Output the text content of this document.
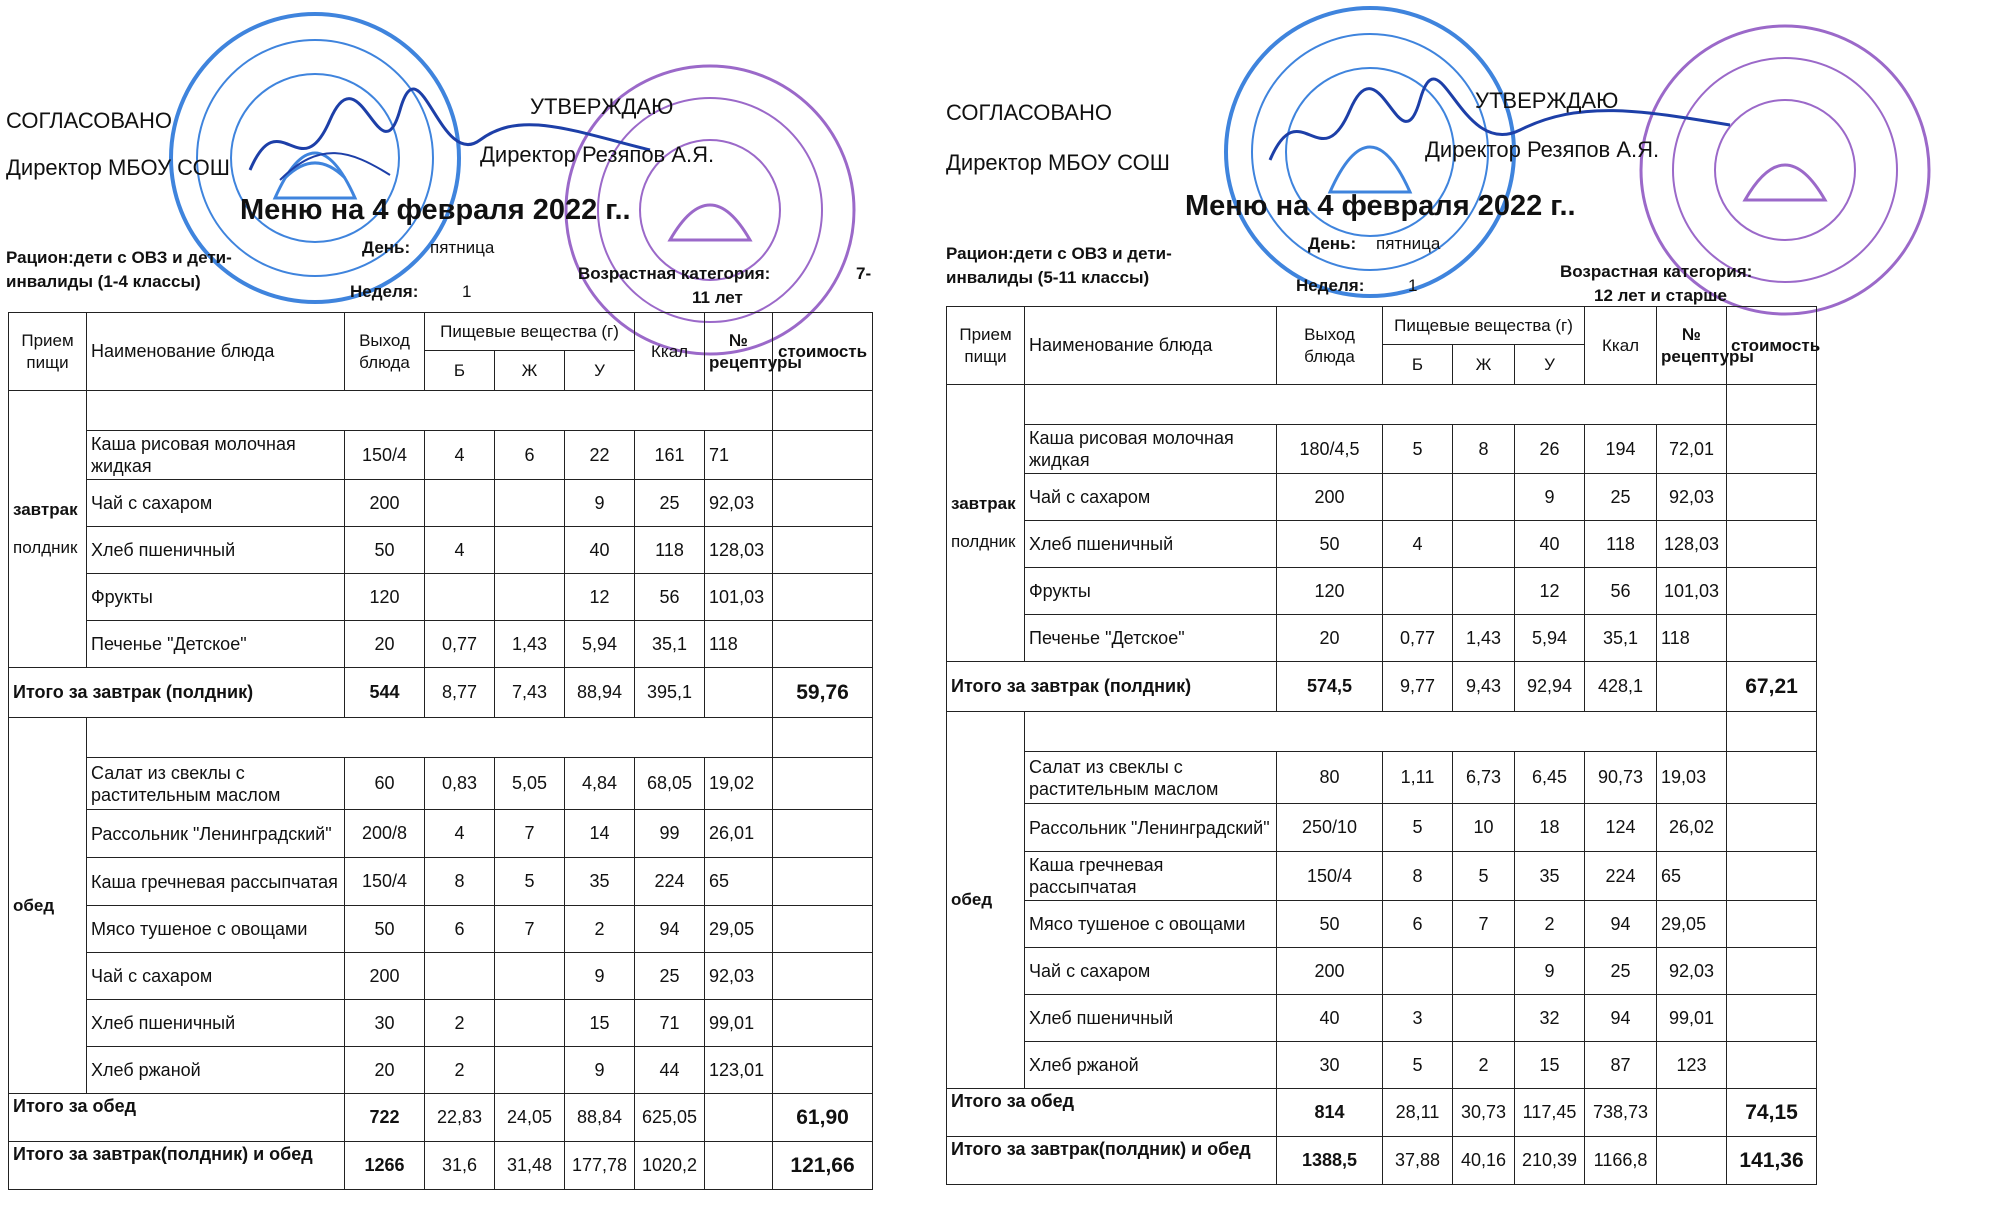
СОГЛАСОВАНО
Директор МБОУ СОШ
УТВЕРЖДАЮ
Директор Резяпов А.Я.
Меню на 4 февраля 2022 г..
Рацион:дети с ОВЗ и дети-
инвалиды (1-4 классы)
День: пятница
Неделя:	1
Возрастная категория:	7-
11 лет
Прием пищи	Наименование блюда	Выход блюда	Пищевые вещества (г)			Ккал	№ рецептуры	стоимость
			Б	Ж	У			

завтрак
полдник								

	Каша рисовая молочная жидкая	150/4	4	6	22	161	71	
	Чай с сахаром	200			9	25	92,03	
	Хлеб пшеничный	50	4		40	118	128,03	
	Фрукты	120			12	56	101,03	
	Печенье "Детское"	20	0,77	1,43	5,94	35,1	118	
Итого за завтрак (полдник)		544	8,77	7,43	88,94	395,1		59,76
обед								
	Салат из свеклы с растительным маслом	60	0,83	5,05	4,84	68,05	19,02	
	Рассольник "Ленинградский"	200/8	4	7	14	99	26,01	
	Каша гречневая рассыпчатая	150/4	8	5	35	224	65	
	Мясо тушеное с овощами	50	6	7	2	94	29,05	
	Чай с сахаром	200			9	25	92,03	
	Хлеб пшеничный	30	2		15	71	99,01	
	Хлеб ржаной	20	2		9	44	123,01	
Итого за обед		722	22,83	24,05	88,84	625,05		61,90
Итого за завтрак(полдник) и обед		1266	31,6	31,48	177,78	1020,2		121,66
СОГЛАСОВАНО
Директор МБОУ СОШ
УТВЕРЖДАЮ
Директор Резяпов А.Я.
Меню на 4 февраля 2022 г..
Рацион:дети с ОВЗ и дети-
инвалиды (5-11 классы)
День: пятница
Неделя:	1
Возрастная категория:
12 лет и старше
Прием пищи	Наименование блюда	Выход блюда	Пищевые вещества (г)			Ккал	№ рецептуры	стоимость
			Б	Ж	У			

завтрак
полдник								

	Каша рисовая молочная жидкая	180/4,5	5	8	26	194	72,01	
	Чай с сахаром	200			9	25	92,03	
	Хлеб пшеничный	50	4		40	118	128,03	
	Фрукты	120			12	56	101,03	
	Печенье "Детское"	20	0,77	1,43	5,94	35,1	118	
Итого за завтрак (полдник)		574,5	9,77	9,43	92,94	428,1		67,21
обед								
	Салат из свеклы с растительным маслом	80	1,11	6,73	6,45	90,73	19,03	
	Рассольник "Ленинградский"	250/10	5	10	18	124	26,02	
	Каша гречневая рассыпчатая	150/4	8	5	35	224	65	
	Мясо тушеное с овощами	50	6	7	2	94	29,05	
	Чай с сахаром	200			9	25	92,03	
	Хлеб пшеничный	40	3		32	94	99,01	
	Хлеб ржаной	30	5	2	15	87	123	
Итого за обед		814	28,11	30,73	117,45	738,73		74,15
Итого за завтрак(полдник) и обед		1388,5	37,88	40,16	210,39	1166,8		141,36
